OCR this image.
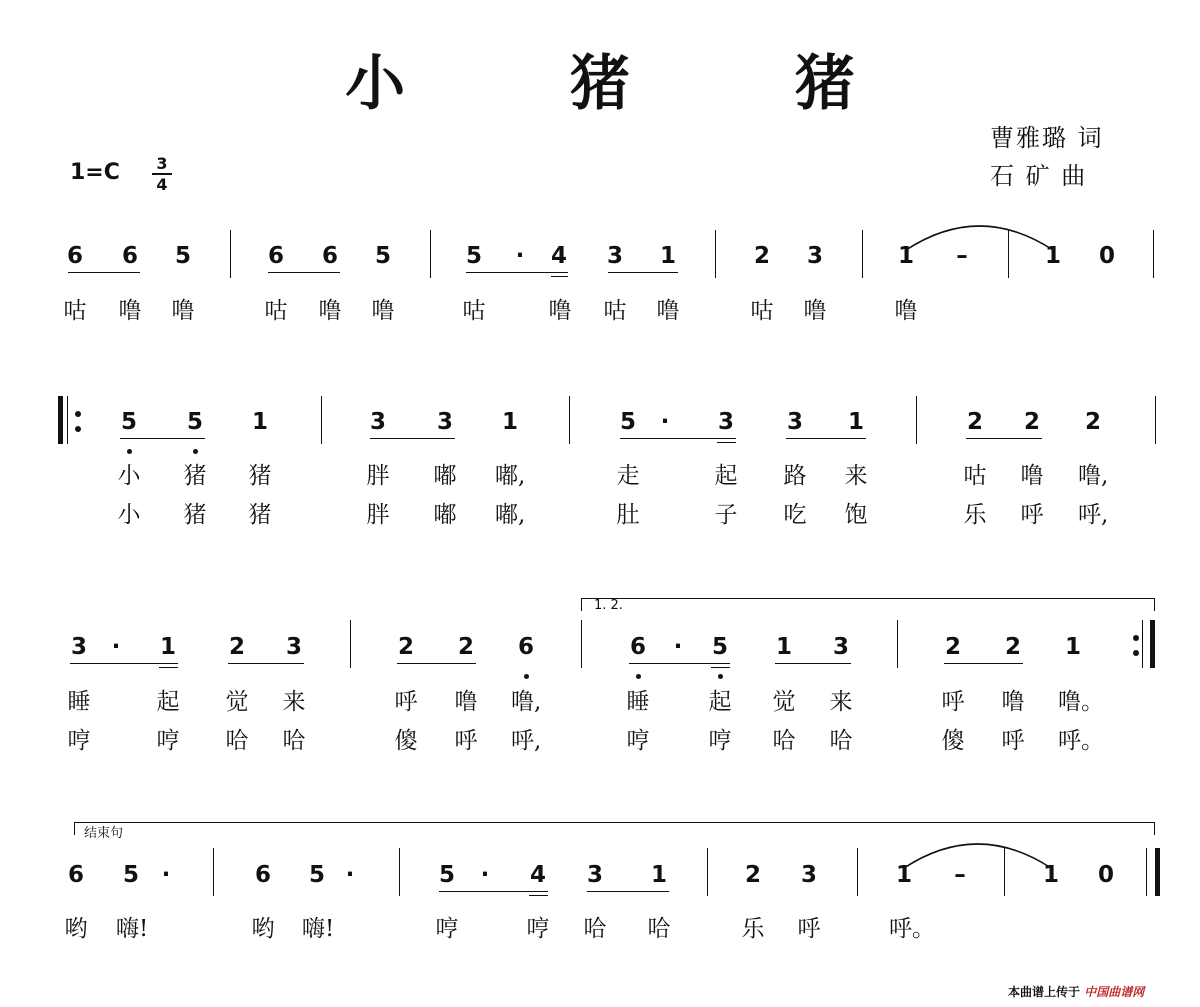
小 猪 猪
曹雅璐 词
石 矿 曲
$1=C \frac{3}{4}$
1. 2.
结束句
本曲谱上传于 中国曲谱网
6 6 5	6 6 5	5	·	4 3 1	2 3	1	–	1 0
咕 噜 噜	咕 噜 噜	咕	噜 咕 噜	咕 噜	噜
5 5 1	3 3 1	5	·	3 3 1	2 2 2
小 猪 猪	胖 嘟 嘟,	走	起 路 来	咕 噜 噜,
小 猪 猪	胖 嘟 嘟,	肚	子 吃 饱	乐 呼 呼,
3	·	1 2 3	2 2 6	6	·	5 1 3	2 2 1
睡	起 觉 来	呼 噜 噜,	睡	起 觉 来	呼 噜 噜。
哼	哼 哈 哈	傻 呼 呼,	哼	哼 哈 哈	傻 呼 呼。
6 5 ·	6 5 ·	5	·	4 3 1	2 3	1	–	1 0
哟 嗨!	哟 嗨!	哼	哼 哈 哈	乐 呼	呼。
